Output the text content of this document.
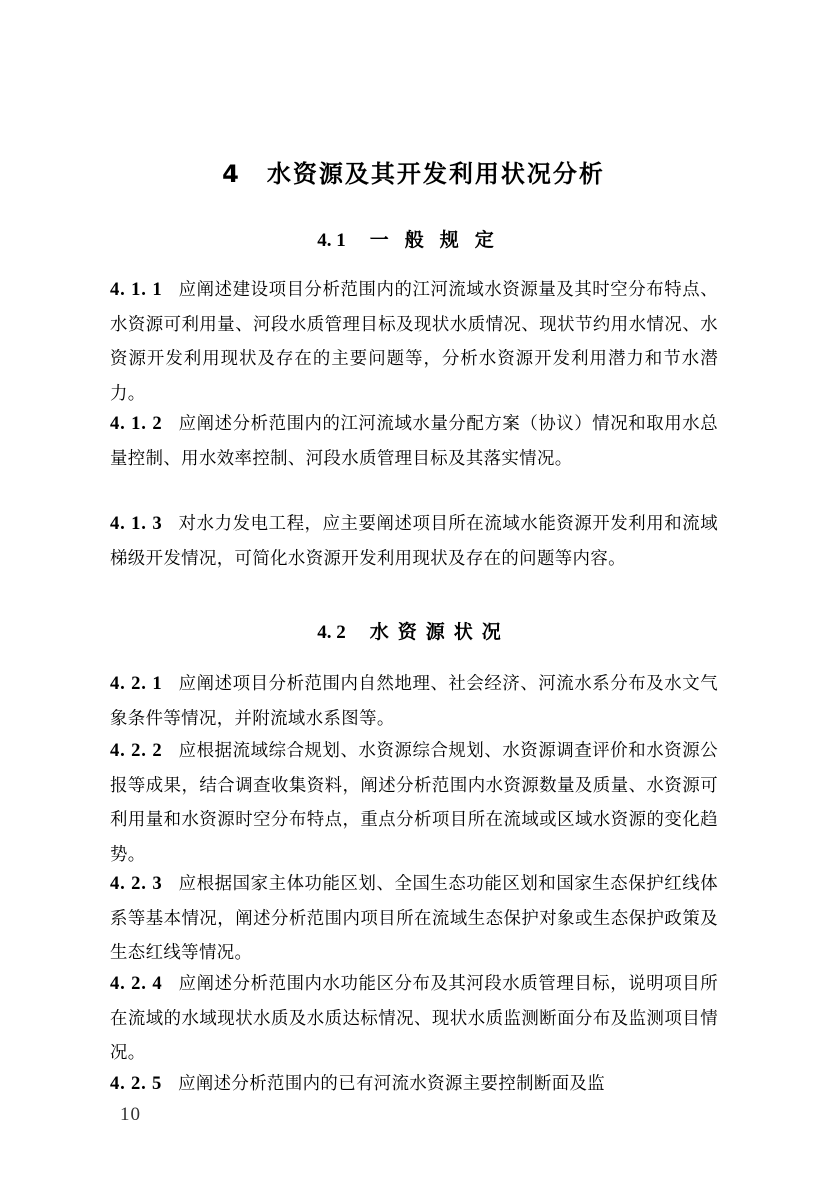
4 水资源及其开发利用状况分析
4. 1 一般规定
4. 1. 1 应阐述建设项目分析范围内的江河流域水资源量及其时空分布特点、水资源可利用量、河段水质管理目标及现状水质情况、现状节约用水情况、水资源开发利用现状及存在的主要问题等，分析水资源开发利用潜力和节水潜力。
4. 1. 2 应阐述分析范围内的江河流域水量分配方案（协议）情况和取用水总量控制、用水效率控制、河段水质管理目标及其落实情况。
4. 1. 3 对水力发电工程，应主要阐述项目所在流域水能资源开发利用和流域梯级开发情况，可简化水资源开发利用现状及存在的问题等内容。
4. 2 水资源状况
4. 2. 1 应阐述项目分析范围内自然地理、社会经济、河流水系分布及水文气象条件等情况，并附流域水系图等。
4. 2. 2 应根据流域综合规划、水资源综合规划、水资源调查评价和水资源公报等成果，结合调查收集资料，阐述分析范围内水资源数量及质量、水资源可利用量和水资源时空分布特点，重点分析项目所在流域或区域水资源的变化趋势。
4. 2. 3 应根据国家主体功能区划、全国生态功能区划和国家生态保护红线体系等基本情况，阐述分析范围内项目所在流域生态保护对象或生态保护政策及生态红线等情况。
4. 2. 4 应阐述分析范围内水功能区分布及其河段水质管理目标，说明项目所在流域的水域现状水质及水质达标情况、现状水质监测断面分布及监测项目情况。
4. 2. 5 应阐述分析范围内的已有河流水资源主要控制断面及监
10
